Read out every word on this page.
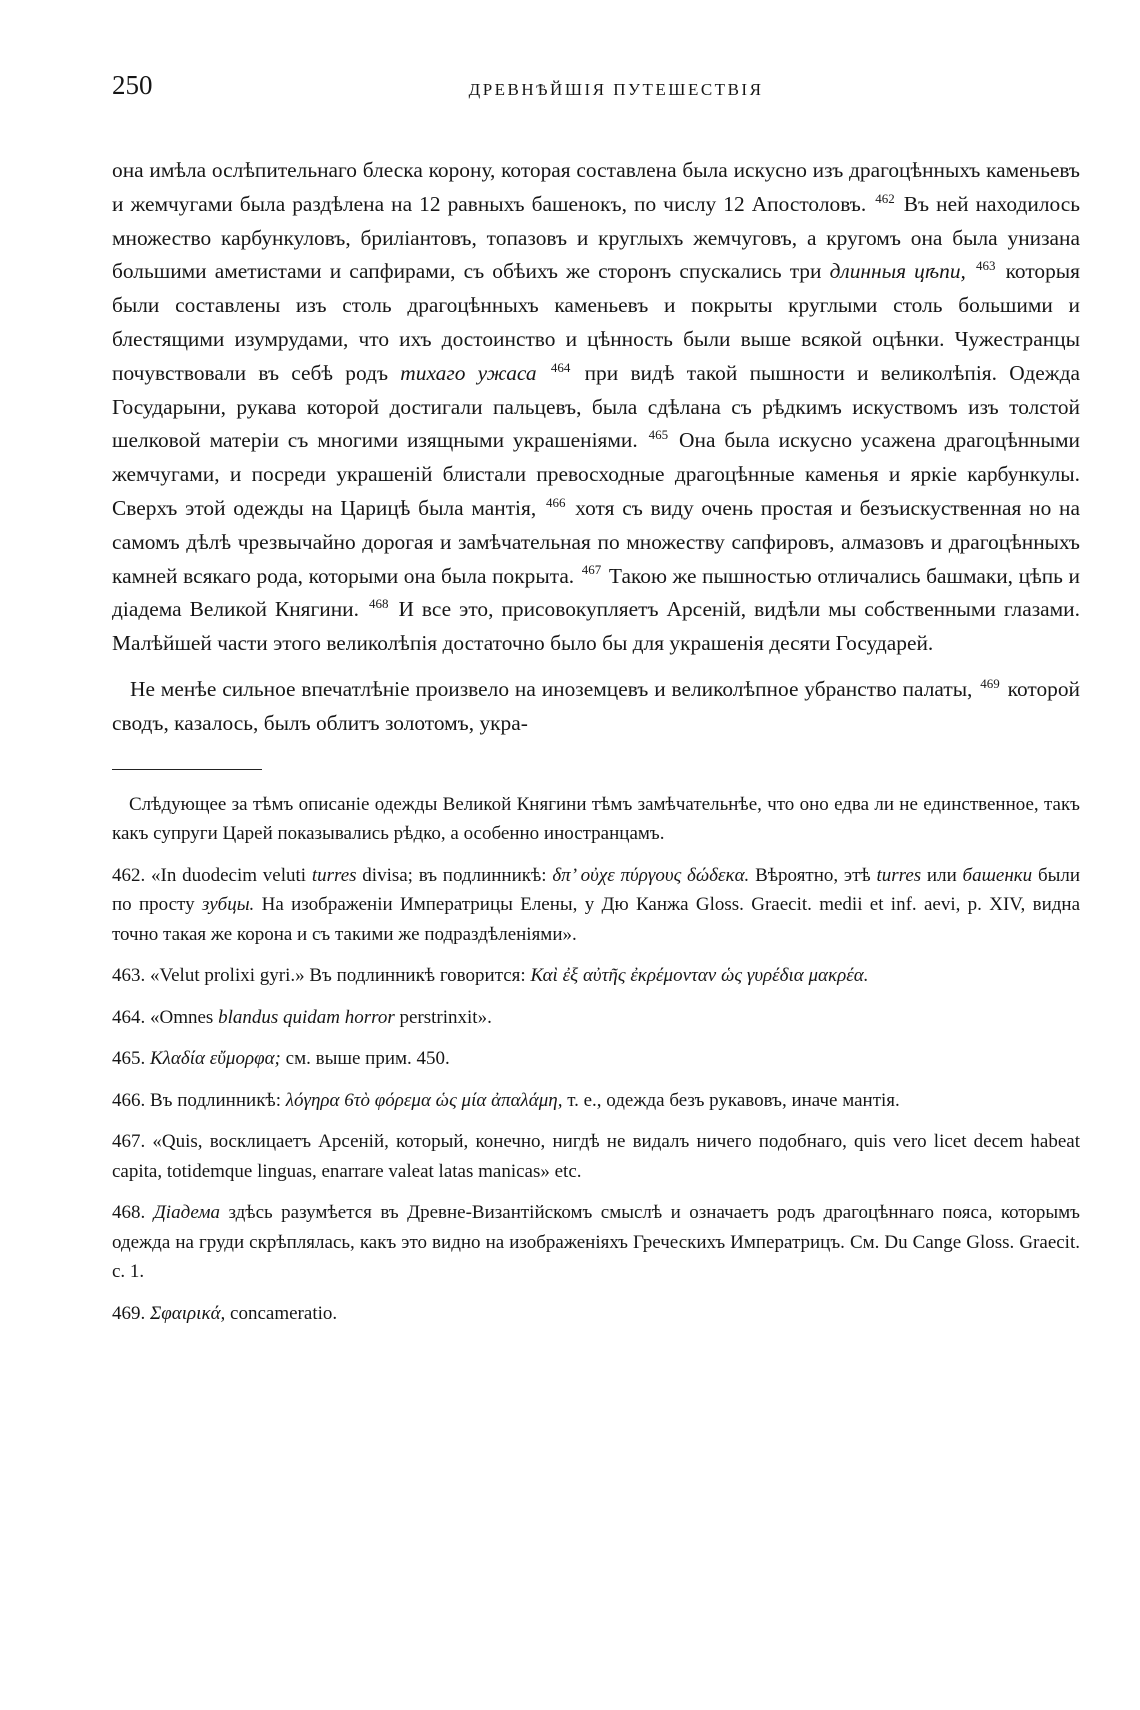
250	ДРЕВНѢЙШІЯ ПУТЕШЕСТВІЯ

она имѣла ослѣпительнаго блеска корону, которая составлена была искусно изъ драгоцѣнныхъ каменьевъ и жемчугами была раздѣлена на 12 равныхъ башенокъ, по числу 12 Апостоловъ. $^{462}$ Въ ней находилось множество карбункуловъ, бриліантовъ, топазовъ и круглыхъ жемчуговъ, а кругомъ она была унизана большими аметистами и сапфирами, съ обѣихъ же сторонъ спускались три длинныя цѣпи, $^{463}$ которыя были составлены изъ столь драгоцѣнныхъ каменьевъ и покрыты круглыми столь большими и блестящими изумрудами, что ихъ достоинство и цѣнность были выше всякой оцѣнки. Чужестранцы почувствовали въ себѣ родъ тихаго ужаса $^{464}$ при видѣ такой пышности и великолѣпія. Одежда Государыни, рукава которой достигали пальцевъ, была сдѣлана съ рѣдкимъ искуствомъ изъ толстой шелковой матеріи съ многими изящными украшеніями. $^{465}$ Она была искусно усажена драгоцѣнными жемчугами, и посреди украшеній блистали превосходные драгоцѣнные каменья и яркіе карбункулы. Сверхъ этой одежды на Царицѣ была мантія, $^{466}$ хотя съ виду очень простая и безъискуственная но на самомъ дѣлѣ чрезвычайно дорогая и замѣчательная по множеству сапфировъ, алмазовъ и драгоцѣнныхъ камней всякаго рода, которыми она была покрыта. $^{467}$ Такою же пышностью отличались башмаки, цѣпь и діадема Великой Княгини. $^{468}$ И все это, присовокупляетъ Арсеній, видѣли мы собственными глазами. Малѣйшей части этого великолѣпія достаточно было бы для украшенія десяти Государей.

Не менѣе сильное впечатлѣніе произвело на иноземцевъ и великолѣпное убранство палаты, $^{469}$ которой сводъ, казалось, былъ облитъ золотомъ, укра-

Слѣдующее за тѣмъ описаніе одежды Великой Княгини тѣмъ замѣчательнѣе, что оно едва ли не единственное, такъ какъ супруги Царей показывались рѣдко, а особенно иностранцамъ.

462. «In duodecim veluti turres divisa; въ подлинникѣ: δπ’ οὐχε πύργους δώδεκα. Вѣроятно, этѣ turres или башенки были по просту зубцы. На изображеніи Императрицы Елены, у Дю Канжа Gloss. Graecit. medii et inf. aevi, p. XIV, видна точно такая же корона и съ такими же подраздѣленіями».

463. «Velut prolixi gyri.» Въ подлинникѣ говорится: Καὶ ἐξ αὐτῆς ἐκρέμονταν ὡς γυρέδια μακρέα.

464. «Omnes blandus quidam horror perstrinxit».

465. Κλαδία εὔμορφα; см. выше прим. 450.

466. Въ подлинникѣ: λόγηρα 6τὸ φόρεμα ὡς μία ἀπαλάμη, т. е., одежда безъ рукавовъ, иначе мантія.

467. «Quis, восклицаетъ Арсеній, который, конечно, нигдѣ не видалъ ничего подобнаго, quis vero licet decem habeat capita, totidemque linguas, enarrare valeat latas manicas» etc.

468. Діадема здѣсь разумѣется въ Древне-Византійскомъ смыслѣ и означаетъ родъ драгоцѣннаго пояса, которымъ одежда на груди скрѣплялась, какъ это видно на изображеніяхъ Греческихъ Императрицъ. См. Du Cange Gloss. Graecit. c. 1.

469. Σφαιρικά, concameratio.
